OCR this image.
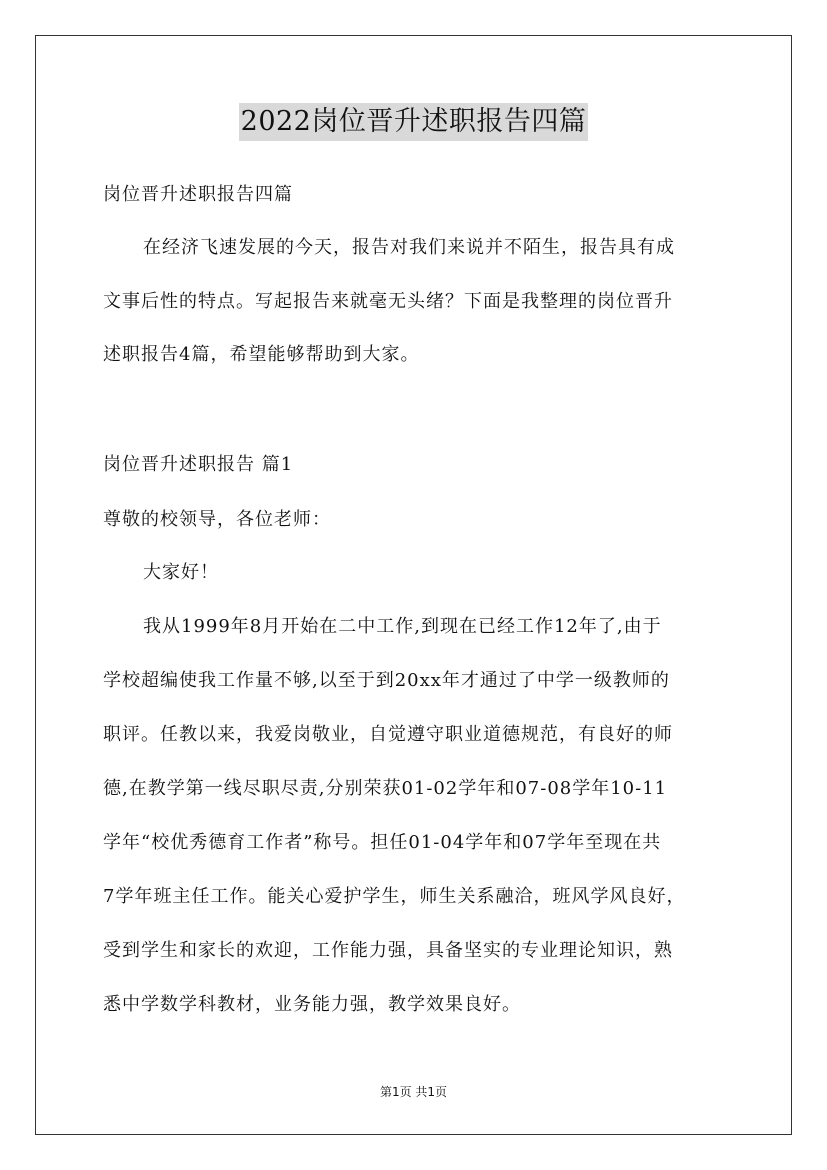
2022岗位晋升述职报告四篇
岗位晋升述职报告四篇
在经济飞速发展的今天，报告对我们来说并不陌生，报告具有成
文事后性的特点。写起报告来就毫无头绪？下面是我整理的岗位晋升
述职报告4篇，希望能够帮助到大家。
岗位晋升述职报告 篇1
尊敬的校领导，各位老师：
大家好！
我从1999年8月开始在二中工作,到现在已经工作12年了,由于
学校超编使我工作量不够,以至于到20xx年才通过了中学一级教师的
职评。任教以来，我爱岗敬业，自觉遵守职业道德规范，有良好的师
德,在教学第一线尽职尽责,分别荣获01-02学年和07-08学年10-11
学年“校优秀德育工作者”称号。担任01-04学年和07学年至现在共
7学年班主任工作。能关心爱护学生，师生关系融洽，班风学风良好，
受到学生和家长的欢迎，工作能力强，具备坚实的专业理论知识，熟
悉中学数学科教材，业务能力强，教学效果良好。
第1页 共1页
